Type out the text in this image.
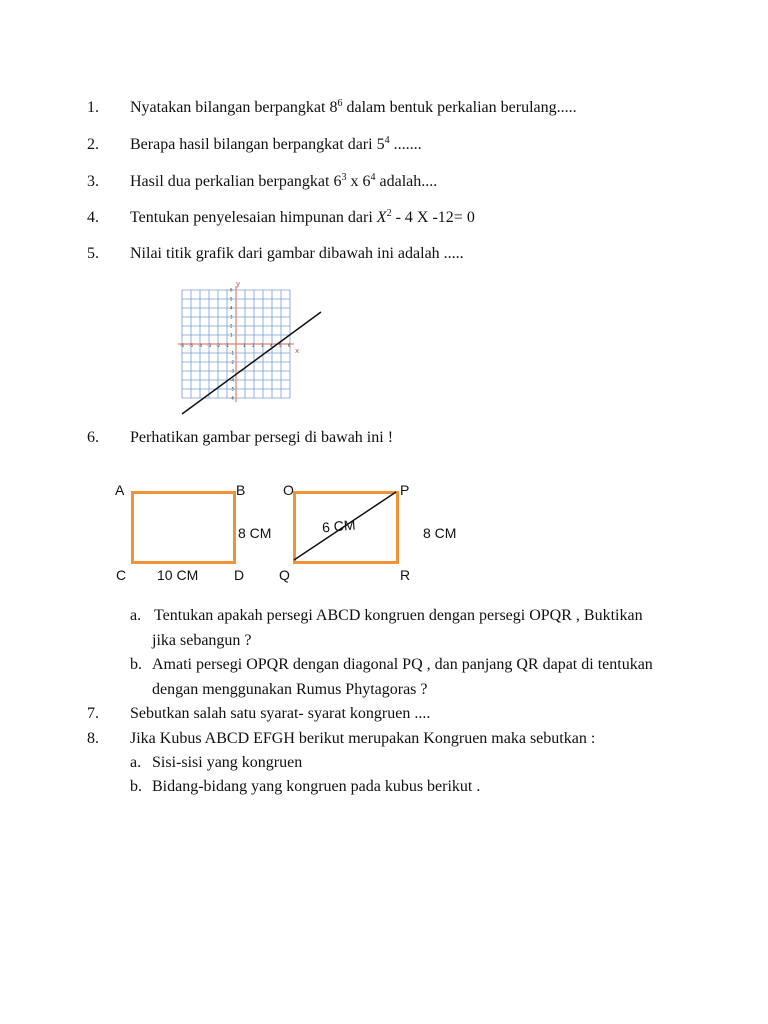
1. Nyatakan bilangan berpangkat $8^6$ dalam bentuk perkalian berulang.....
2. Berapa hasil bilangan berpangkat dari $5^4$ .......
3. Hasil dua perkalian berpangkat $6^3$ x $6^4$ adalah....
4. Tentukan penyelesaian himpunan dari $X^2 - 4$ X -12= 0
5. Nilai titik grafik dari gambar dibawah ini adalah .....
-6 -5 -4 -3 -2 -1	1 2 3 4 5 6
6
5
4
3
2
1
-1
-2
-3
-4
-5
-6
x
y
6. Perhatikan gambar persegi di bawah ini !
A	B	O	P
8 CM	6 CM	8 CM
C 10 CM	D Q	R
a. Tentukan apakah persegi ABCD kongruen dengan persegi OPQR , Buktikan
jika sebangun ?
b. Amati persegi OPQR dengan diagonal PQ , dan panjang QR dapat di tentukan
dengan menggunakan Rumus Phytagoras ?
7. Sebutkan salah satu syarat- syarat kongruen ....
8. Jika Kubus ABCD EFGH berikut merupakan Kongruen maka sebutkan :
a. Sisi-sisi yang kongruen
b. Bidang-bidang yang kongruen pada kubus berikut .
